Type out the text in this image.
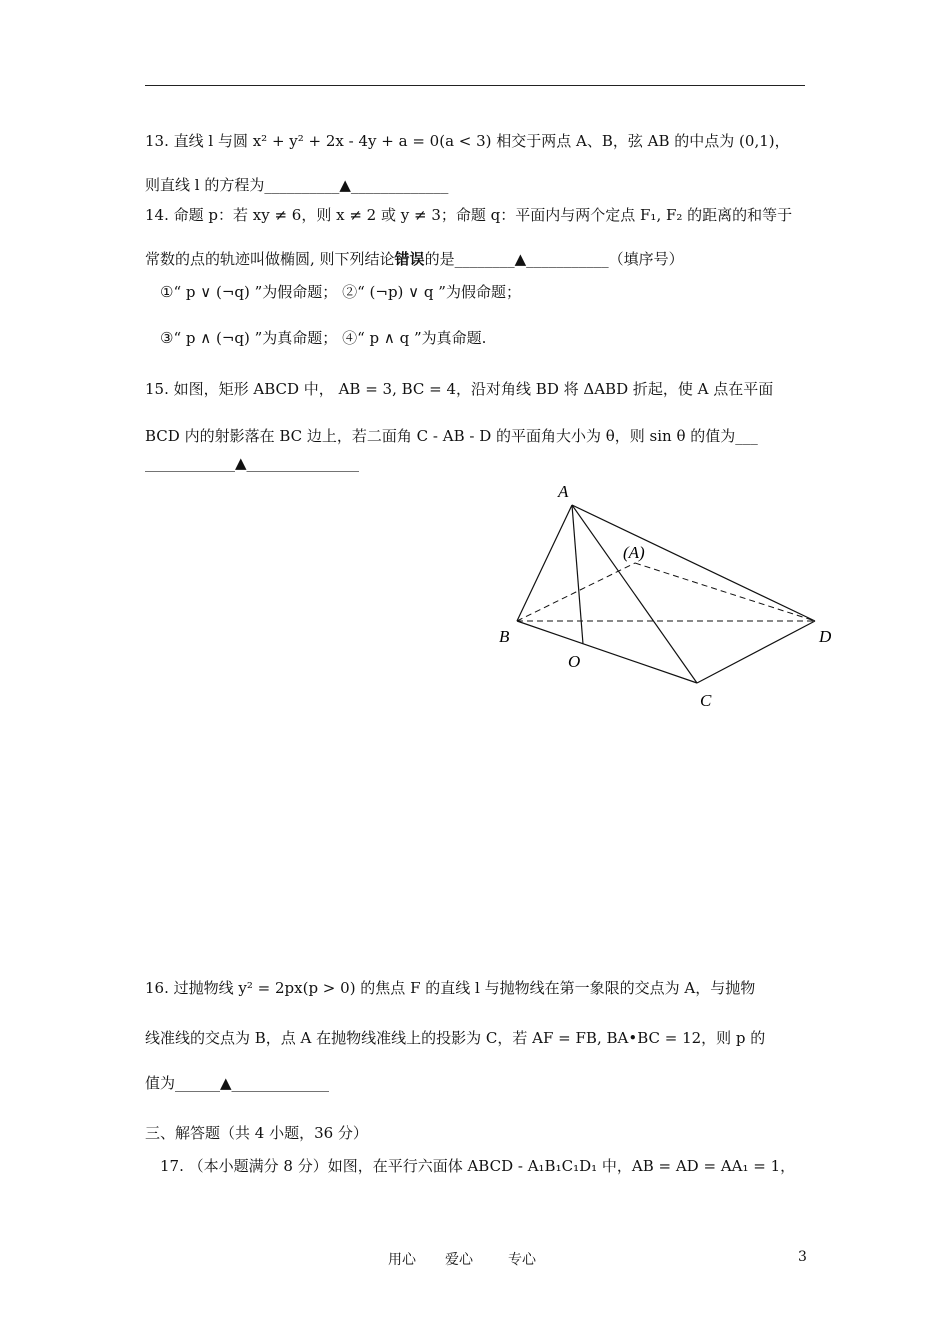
13. 直线 l 与圆 x² + y² + 2x - 4y + a = 0(a < 3) 相交于两点 A、B，弦 AB 的中点为 (0,1)，
则直线 l 的方程为__________▲_____________
14. 命题 p：若 xy ≠ 6，则 x ≠ 2 或 y ≠ 3；命题 q：平面内与两个定点 F₁, F₂ 的距离的和等于
常数的点的轨迹叫做椭圆, 则下列结论错误的是________▲___________（填序号）
①“ p ∨ (¬q) ”为假命题； ②“ (¬p) ∨ q ”为假命题；
③“ p ∧ (¬q) ”为真命题； ④“ p ∧ q ”为真命题.
15. 如图，矩形 ABCD 中， AB = 3, BC = 4，沿对角线 BD 将 ΔABD 折起，使 A 点在平面
BCD 内的射影落在 BC 边上，若二面角 C - AB - D 的平面角大小为 θ，则 sin θ 的值为___
____________▲_______________
A
(A)
B	D
O
C
16. 过抛物线 y² = 2px(p > 0) 的焦点 F 的直线 l 与抛物线在第一象限的交点为 A，与抛物
线准线的交点为 B，点 A 在抛物线准线上的投影为 C，若 AF = FB, BA•BC = 12，则 p 的
值为______▲_____________
三、解答题（共 4 小题，36 分）
17. （本小题满分 8 分）如图，在平行六面体 ABCD - A₁B₁C₁D₁ 中，AB = AD = AA₁ = 1，
用心 爱心	专心	3
